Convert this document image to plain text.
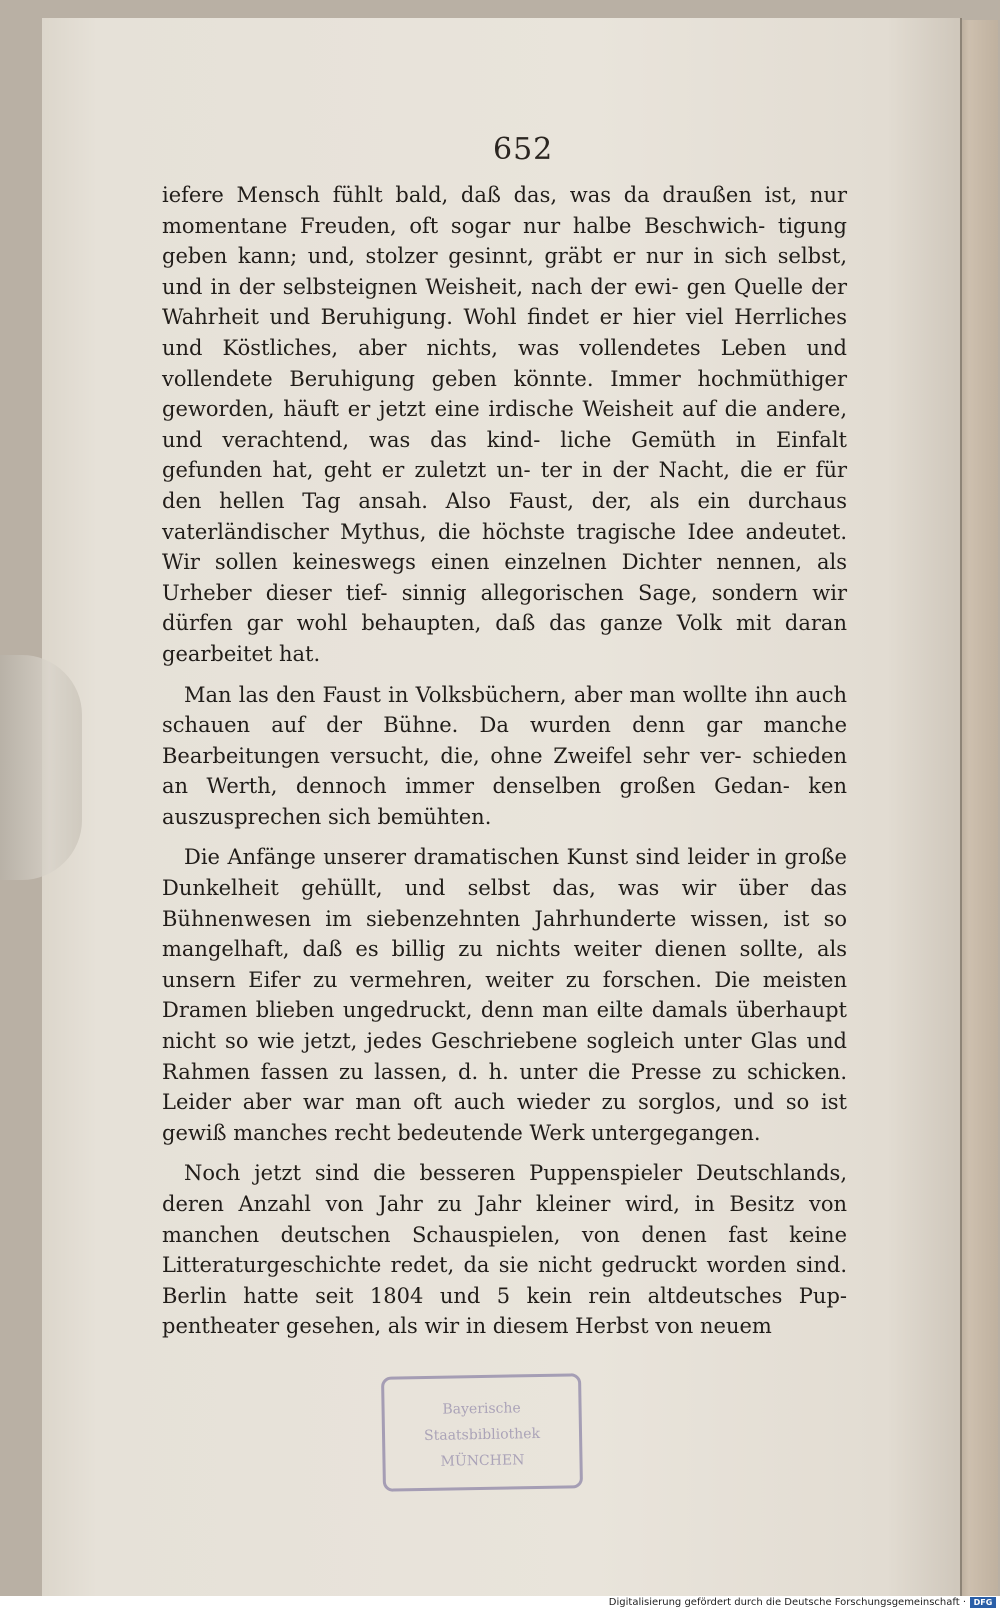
652

iefere Mensch fühlt bald, daß das, was da draußen ist, nur momentane Freuden, oft sogar nur halbe Beschwich- tigung geben kann; und, stolzer gesinnt, gräbt er nur in sich selbst, und in der selbsteignen Weisheit, nach der ewi- gen Quelle der Wahrheit und Beruhigung. Wohl findet er hier viel Herrliches und Köstliches, aber nichts, was vollendetes Leben und vollendete Beruhigung geben könnte. Immer hochmüthiger geworden, häuft er jetzt eine irdische Weisheit auf die andere, und verachtend, was das kind- liche Gemüth in Einfalt gefunden hat, geht er zuletzt un- ter in der Nacht, die er für den hellen Tag ansah. Also Faust, der, als ein durchaus vaterländischer Mythus, die höchste tragische Idee andeutet. Wir sollen keineswegs einen einzelnen Dichter nennen, als Urheber dieser tief- sinnig allegorischen Sage, sondern wir dürfen gar wohl behaupten, daß das ganze Volk mit daran gearbeitet hat.

Man las den Faust in Volksbüchern, aber man wollte ihn auch schauen auf der Bühne. Da wurden denn gar manche Bearbeitungen versucht, die, ohne Zweifel sehr ver- schieden an Werth, dennoch immer denselben großen Gedan- ken auszusprechen sich bemühten.

Die Anfänge unserer dramatischen Kunst sind leider in große Dunkelheit gehüllt, und selbst das, was wir über das Bühnenwesen im siebenzehnten Jahrhunderte wissen, ist so mangelhaft, daß es billig zu nichts weiter dienen sollte, als unsern Eifer zu vermehren, weiter zu forschen. Die meisten Dramen blieben ungedruckt, denn man eilte damals überhaupt nicht so wie jetzt, jedes Geschriebene sogleich unter Glas und Rahmen fassen zu lassen, d. h. unter die Presse zu schicken. Leider aber war man oft auch wieder zu sorglos, und so ist gewiß manches recht bedeutende Werk untergegangen.

Noch jetzt sind die besseren Puppenspieler Deutschlands, deren Anzahl von Jahr zu Jahr kleiner wird, in Besitz von manchen deutschen Schauspielen, von denen fast keine Litteraturgeschichte redet, da sie nicht gedruckt worden sind. Berlin hatte seit 1804 und 5 kein rein altdeutsches Pup- pentheater gesehen, als wir in diesem Herbst von neuem

Bayerische
Staatsbibliothek
MÜNCHEN
Digitalisierung gefördert durch die Deutsche Forschungsgemeinschaft · DFG
